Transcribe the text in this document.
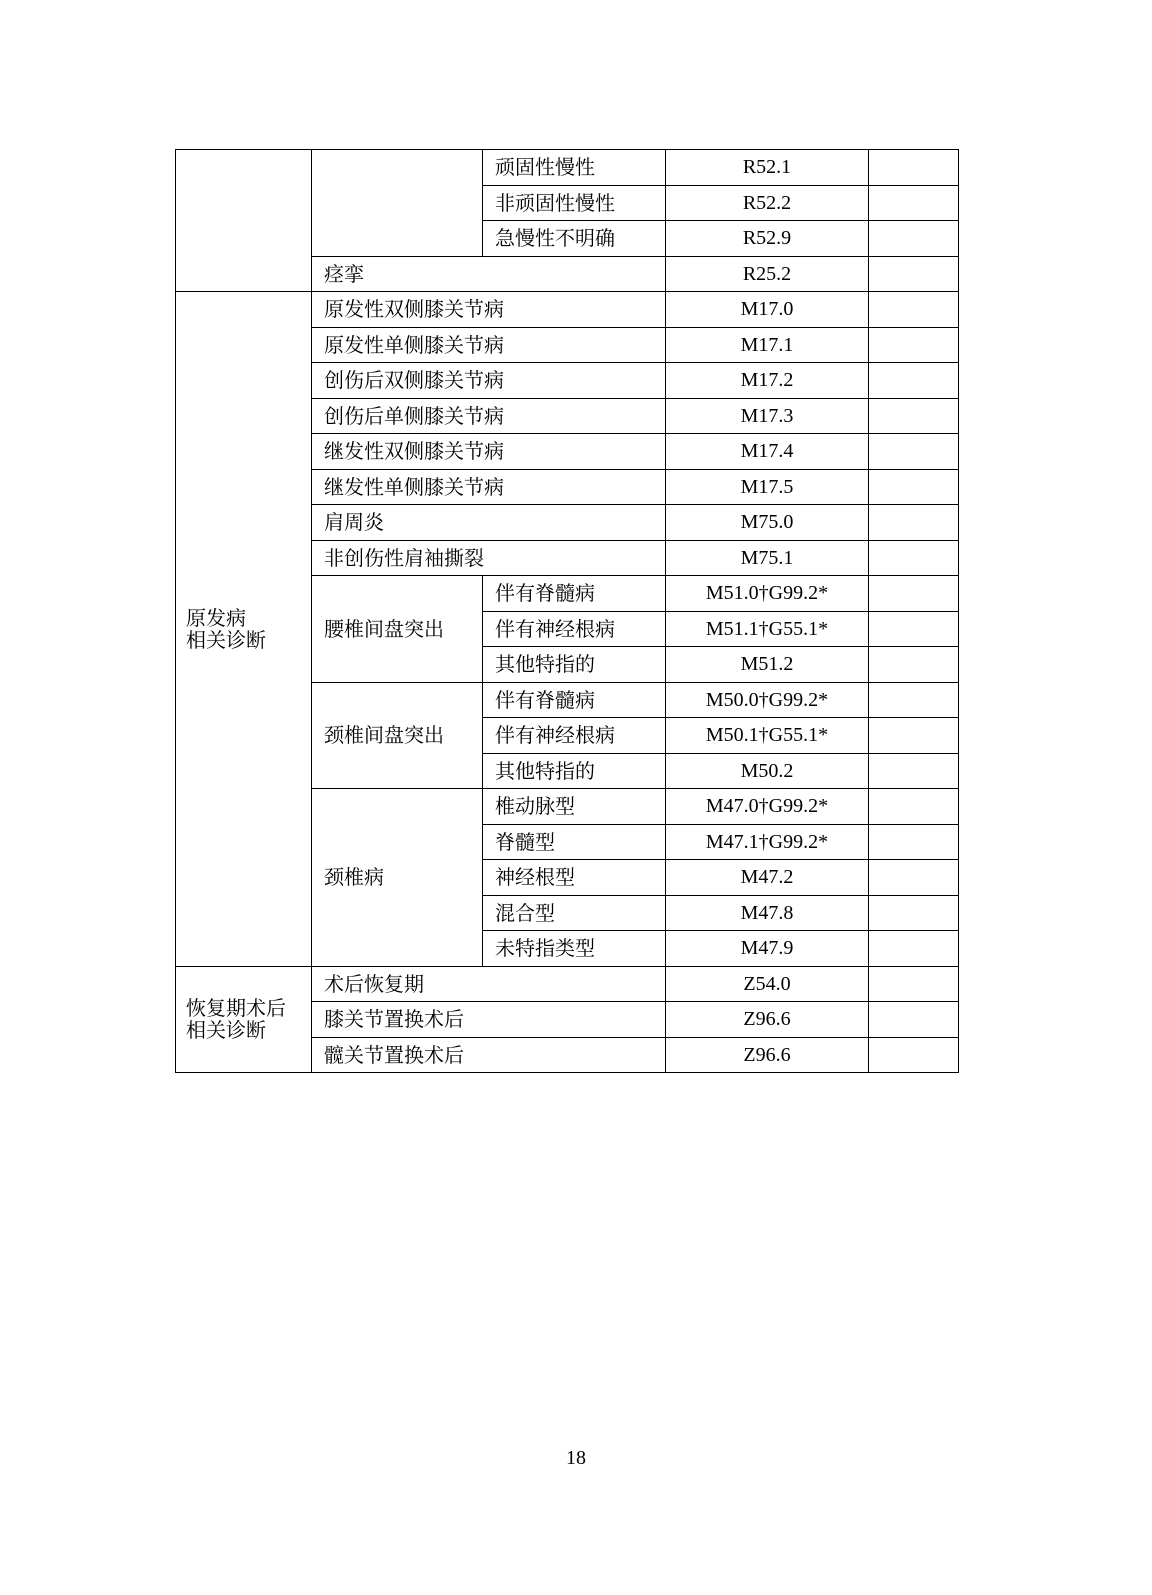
		顽固性慢性	R52.1	
		非顽固性慢性	R52.2	
		急慢性不明确	R52.9	
	痉挛		R25.2	
原发病
相关诊断	原发性双侧膝关节病		M17.0	
	原发性单侧膝关节病		M17.1	
	创伤后双侧膝关节病		M17.2	
	创伤后单侧膝关节病		M17.3	
	继发性双侧膝关节病		M17.4	
	继发性单侧膝关节病		M17.5	
	肩周炎		M75.0	
	非创伤性肩袖撕裂		M75.1	
	腰椎间盘突出	伴有脊髓病	M51.0†G99.2*	
		伴有神经根病	M51.1†G55.1*	
		其他特指的	M51.2	
	颈椎间盘突出	伴有脊髓病	M50.0†G99.2*	
		伴有神经根病	M50.1†G55.1*	
		其他特指的	M50.2	
	颈椎病	椎动脉型	M47.0†G99.2*	
		脊髓型	M47.1†G99.2*	
		神经根型	M47.2	
		混合型	M47.8	
		未特指类型	M47.9	
恢复期术后
相关诊断	术后恢复期		Z54.0	
	膝关节置换术后		Z96.6	
	髋关节置换术后		Z96.6	
18
